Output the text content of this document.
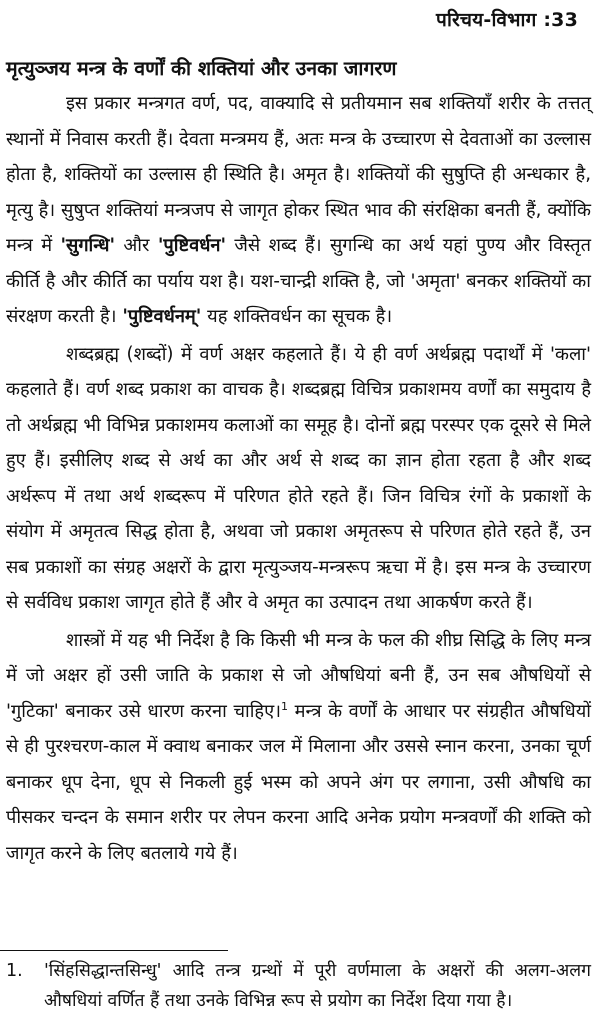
परिचय-विभाग :33
मृत्युञ्जय मन्त्र के वर्णों की शक्तियां और उनका जागरण

इस प्रकार मन्त्रगत वर्ण, पद, वाक्यादि से प्रतीयमान सब शक्तियाँ शरीर के तत्तत् स्थानों में निवास करती हैं। देवता मन्त्रमय हैं, अतः मन्त्र के उच्चारण से देवताओं का उल्लास होता है, शक्तियों का उल्लास ही स्थिति है। अमृत है। शक्तियों की सुषुप्ति ही अन्धकार है, मृत्यु है। सुषुप्त शक्तियां मन्त्रजप से जागृत होकर स्थित भाव की संरक्षिका बनती हैं, क्योंकि मन्त्र में 'सुगन्धि' और 'पुष्टिवर्धन' जैसे शब्द हैं। सुगन्धि का अर्थ यहां पुण्य और विस्तृत कीर्ति है और कीर्ति का पर्याय यश है। यश-चान्द्री शक्ति है, जो 'अमृता' बनकर शक्तियों का संरक्षण करती है। 'पुष्टिवर्धनम्' यह शक्तिवर्धन का सूचक है।

शब्दब्रह्म (शब्दों) में वर्ण अक्षर कहलाते हैं। ये ही वर्ण अर्थब्रह्म पदार्थों में 'कला' कहलाते हैं। वर्ण शब्द प्रकाश का वाचक है। शब्दब्रह्म विचित्र प्रकाशमय वर्णों का समुदाय है तो अर्थब्रह्म भी विभिन्न प्रकाशमय कलाओं का समूह है। दोनों ब्रह्म परस्पर एक दूसरे से मिले हुए हैं। इसीलिए शब्द से अर्थ का और अर्थ से शब्द का ज्ञान होता रहता है और शब्द अर्थरूप में तथा अर्थ शब्दरूप में परिणत होते रहते हैं। जिन विचित्र रंगों के प्रकाशों के संयोग में अमृतत्व सिद्ध होता है, अथवा जो प्रकाश अमृतरूप से परिणत होते रहते हैं, उन सब प्रकाशों का संग्रह अक्षरों के द्वारा मृत्युञ्जय-मन्त्ररूप ऋचा में है। इस मन्त्र के उच्चारण से सर्वविध प्रकाश जागृत होते हैं और वे अमृत का उत्पादन तथा आकर्षण करते हैं।

शास्त्रों में यह भी निर्देश है कि किसी भी मन्त्र के फल की शीघ्र सिद्धि के लिए मन्त्र में जो अक्षर हों उसी जाति के प्रकाश से जो औषधियां बनी हैं, उन सब औषधियों से 'गुटिका' बनाकर उसे धारण करना चाहिए।$^1$ मन्त्र के वर्णों के आधार पर संग्रहीत औषधियों से ही पुरश्चरण-काल में क्वाथ बनाकर जल में मिलाना और उससे स्नान करना, उनका चूर्ण बनाकर धूप देना, धूप से निकली हुई भस्म को अपने अंग पर लगाना, उसी औषधि का पीसकर चन्दन के समान शरीर पर लेपन करना आदि अनेक प्रयोग मन्त्रवर्णों की शक्ति को जागृत करने के लिए बतलाये गये हैं।

1. 'सिंहसिद्धान्तसिन्धु' आदि तन्त्र ग्रन्थों में पूरी वर्णमाला के अक्षरों की अलग-अलग औषधियां वर्णित हैं तथा उनके विभिन्न रूप से प्रयोग का निर्देश दिया गया है।
